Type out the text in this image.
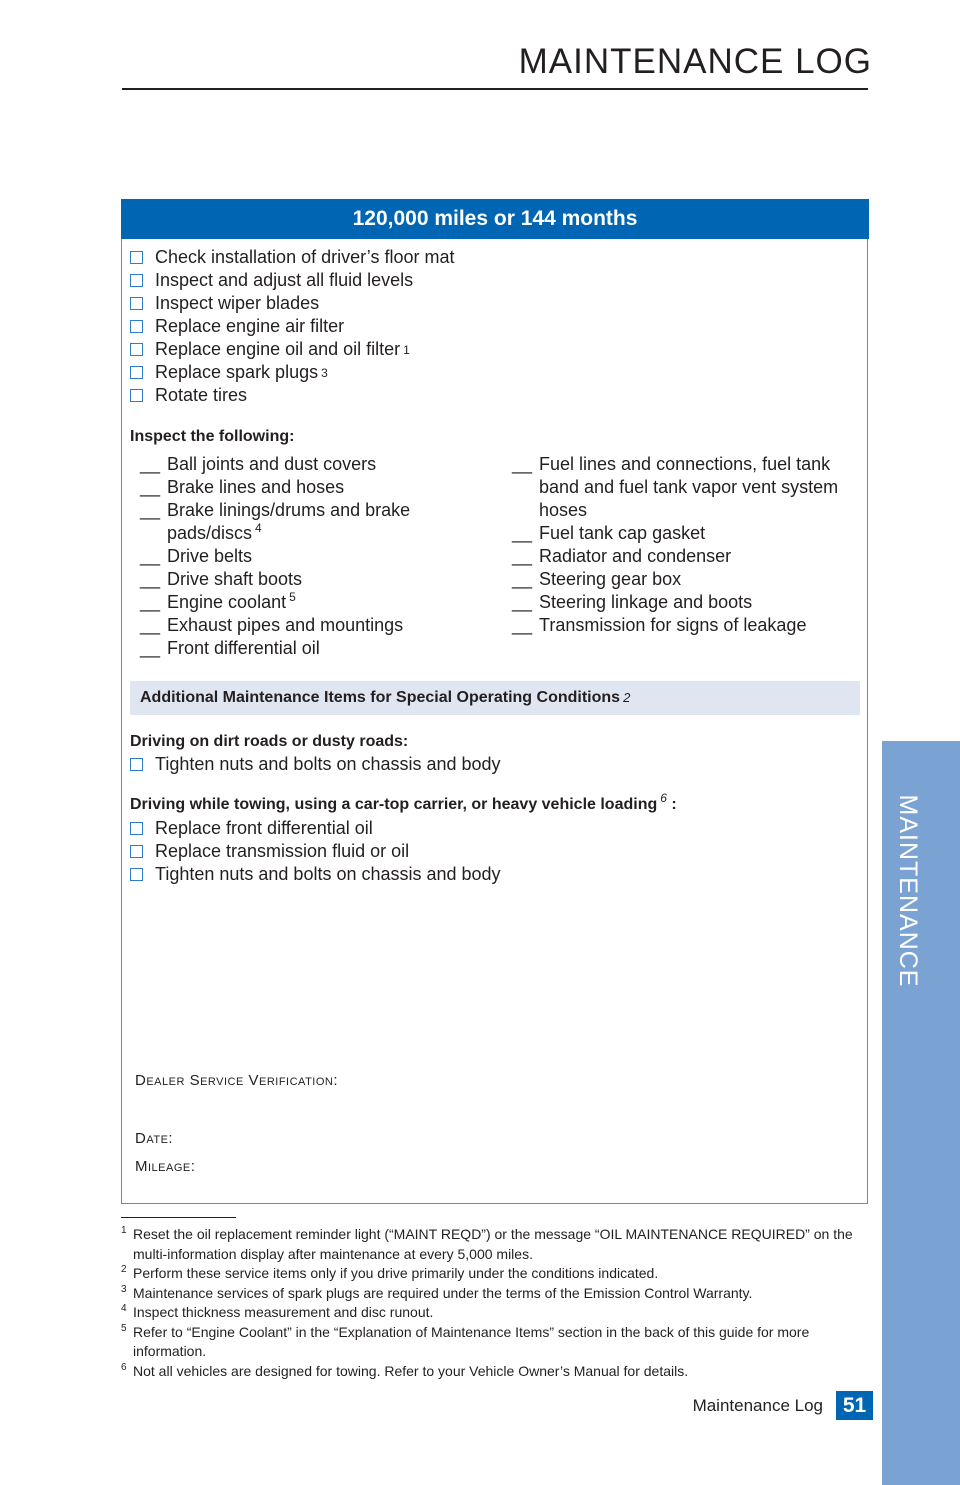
MAINTENANCE LOG
MAINTENANCE
120,000 miles or 144 months
Check installation of driver’s floor mat
Inspect and adjust all fluid levels
Inspect wiper blades
Replace engine air filter
Replace engine oil and oil filter 1
Replace spark plugs 3
Rotate tires
Inspect the following:
__ Ball joints and dust covers
__ Brake lines and hoses
__ Brake linings/drums and brake pads/discs $^4$
__ Drive belts
__ Drive shaft boots
__ Engine coolant $^5$
__ Exhaust pipes and mountings
__ Front differential oil
__ Fuel lines and connections, fuel tank band and fuel tank vapor vent system hoses
__ Fuel tank cap gasket
__ Radiator and condenser
__ Steering gear box
__ Steering linkage and boots
__ Transmission for signs of leakage
Additional Maintenance Items for Special Operating Conditions 2
Driving on dirt roads or dusty roads:
Tighten nuts and bolts on chassis and body
Driving while towing, using a car-top carrier, or heavy vehicle loading $^6$ :
Replace front differential oil
Replace transmission fluid or oil
Tighten nuts and bolts on chassis and body
Dealer Service Verification:
Date:
Mileage:
1 Reset the oil replacement reminder light (“MAINT REQD”) or the message “OIL MAINTENANCE REQUIRED” on the multi-information display after maintenance at every 5,000 miles.
2 Perform these service items only if you drive primarily under the conditions indicated.
3 Maintenance services of spark plugs are required under the terms of the Emission Control Warranty.
4 Inspect thickness measurement and disc runout.
5 Refer to “Engine Coolant” in the “Explanation of Maintenance Items” section in the back of this guide for more information.
6 Not all vehicles are designed for towing. Refer to your Vehicle Owner’s Manual for details.
Maintenance Log 51
